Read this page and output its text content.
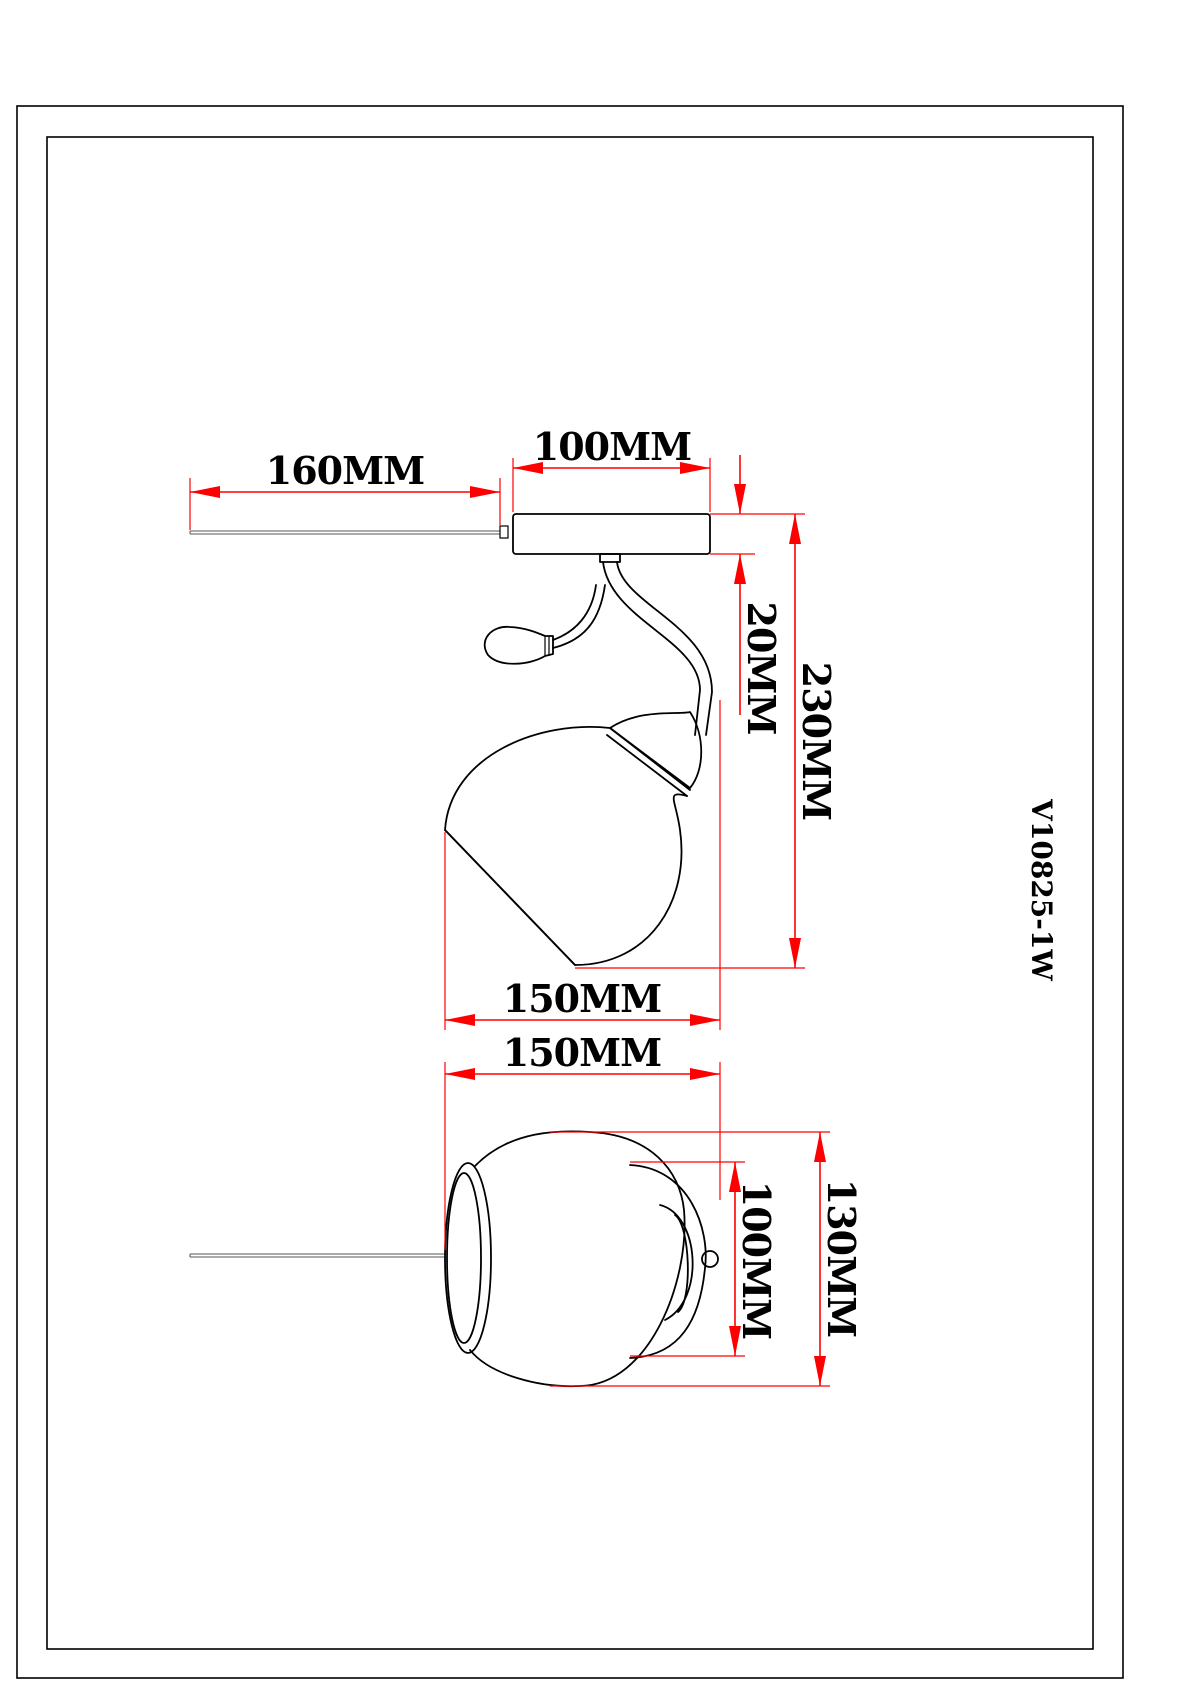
160MM
100MM
20MM 230MM
150MM
150MM
100MM 130MM
V10825-1W
